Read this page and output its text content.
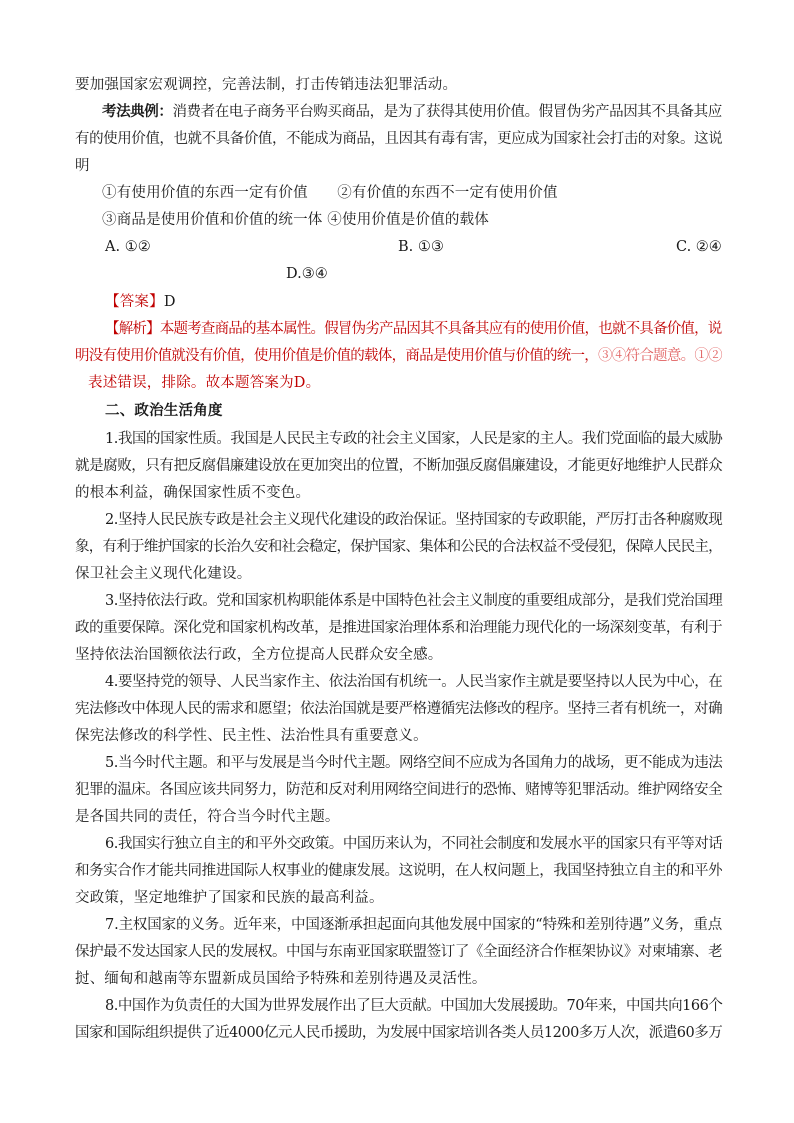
要加强国家宏观调控，完善法制，打击传销违法犯罪活动。
考法典例：消费者在电子商务平台购买商品，是为了获得其使用价值。假冒伪劣产品因其不具备其应
有的使用价值，也就不具备价值，不能成为商品，且因其有毒有害，更应成为国家社会打击的对象。这说
明
①有使用价值的东西一定有价值　　②有价值的东西不一定有使用价值
③商品是使用价值和价值的统一体 ④使用价值是价值的载体
A. ①②	B. ①③	C. ②④
D.③④
【答案】D
【解析】本题考查商品的基本属性。假冒伪劣产品因其不具备其应有的使用价值，也就不具备价值，说
明没有使用价值就没有价值，使用价值是价值的载体，商品是使用价值与价值的统一，③④符合题意。①②
表述错误，排除。故本题答案为D。
二、政治生活角度
1.我国的国家性质。我国是人民民主专政的社会主义国家，人民是家的主人。我们党面临的最大威胁
就是腐败，只有把反腐倡廉建设放在更加突出的位置，不断加强反腐倡廉建设，才能更好地维护人民群众
的根本利益，确保国家性质不变色。
2.坚持人民民族专政是社会主义现代化建设的政治保证。坚持国家的专政职能，严厉打击各种腐败现
象，有利于维护国家的长治久安和社会稳定，保护国家、集体和公民的合法权益不受侵犯，保障人民民主，
保卫社会主义现代化建设。
3.坚持依法行政。党和国家机构职能体系是中国特色社会主义制度的重要组成部分，是我们党治国理
政的重要保障。深化党和国家机构改革，是推进国家治理体系和治理能力现代化的一场深刻变革，有利于
坚持依法治国额依法行政，全方位提高人民群众安全感。
4.要坚持党的领导、人民当家作主、依法治国有机统一。人民当家作主就是要坚持以人民为中心，在
宪法修改中体现人民的需求和愿望；依法治国就是要严格遵循宪法修改的程序。坚持三者有机统一，对确
保宪法修改的科学性、民主性、法治性具有重要意义。
5.当今时代主题。和平与发展是当今时代主题。网络空间不应成为各国角力的战场，更不能成为违法
犯罪的温床。各国应该共同努力，防范和反对利用网络空间进行的恐怖、赌博等犯罪活动。维护网络安全
是各国共同的责任，符合当今时代主题。
6.我国实行独立自主的和平外交政策。中国历来认为，不同社会制度和发展水平的国家只有平等对话
和务实合作才能共同推进国际人权事业的健康发展。这说明，在人权问题上，我国坚持独立自主的和平外
交政策，坚定地维护了国家和民族的最高利益。
7.主权国家的义务。近年来，中国逐渐承担起面向其他发展中国家的“特殊和差别待遇”义务，重点
保护最不发达国家人民的发展权。中国与东南亚国家联盟签订了《全面经济合作框架协议》对柬埔寨、老
挝、缅甸和越南等东盟新成员国给予特殊和差别待遇及灵活性。
8.中国作为负责任的大国为世界发展作出了巨大贡献。中国加大发展援助。70年来，中国共向166个
国家和国际组织提供了近4000亿元人民币援助，为发展中国家培训各类人员1200多万人次，派遣60多万
